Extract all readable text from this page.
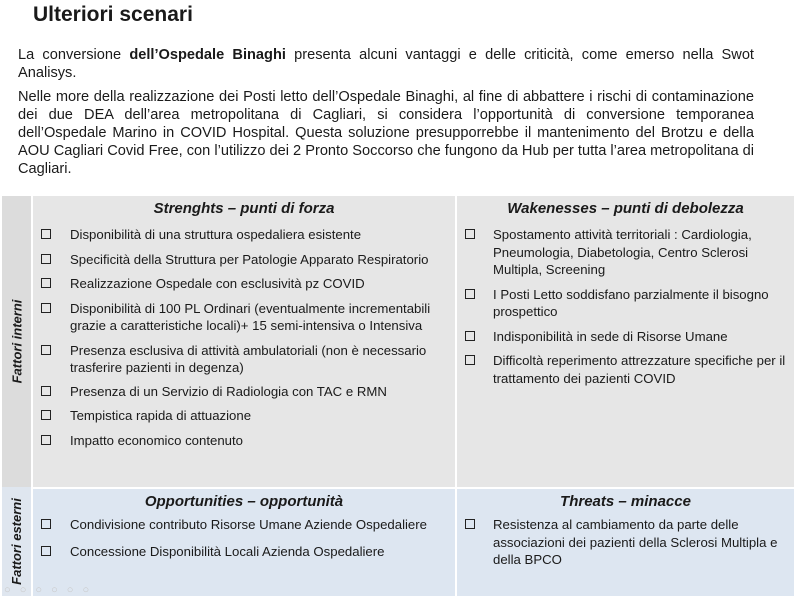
Ulteriori scenari

La conversione dell’Ospedale Binaghi presenta alcuni vantaggi e delle criticità, come emerso nella Swot Analisys.

Nelle more della realizzazione dei Posti letto dell’Ospedale Binaghi, al fine di abbattere i rischi di contaminazione dei due DEA dell’area metropolitana di Cagliari, si considera l’opportunità di conversione temporanea dell’Ospedale Marino in COVID Hospital. Questa soluzione presupporrebbe il mantenimento del Brotzu e della AOU Cagliari Covid Free, con l’utilizzo dei 2 Pronto Soccorso che fungono da Hub per tutta l’area metropolitana di Cagliari.

Fattori interni
Fattori esterni
Strenghts – punti di forza
Disponibilità di una struttura ospedaliera esistente
Specificità della Struttura per Patologie Apparato Respiratorio
Realizzazione Ospedale con esclusività pz COVID
Disponibilità di 100 PL Ordinari (eventualmente incrementabili grazie a caratteristiche locali)+ 15 semi-intensiva o Intensiva
Presenza esclusiva di attività ambulatoriali (non è necessario trasferire pazienti in degenza)
Presenza di un Servizio di Radiologia con TAC e RMN
Tempistica rapida di attuazione
Impatto economico contenuto
Wakenesses – punti di debolezza
Spostamento attività territoriali : Cardiologia, Pneumologia, Diabetologia, Centro Sclerosi Multipla, Screening
I Posti Letto soddisfano parzialmente il bisogno prospettico
Indisponibilità in sede di Risorse Umane
Difficoltà reperimento attrezzature specifiche per il trattamento dei pazienti COVID
Opportunities – opportunità
Condivisione contributo Risorse Umane Aziende Ospedaliere
Concessione Disponibilità Locali Azienda Ospedaliere
Threats – minacce
Resistenza al cambiamento da parte delle associazioni dei pazienti della Sclerosi Multipla e della BPCO
○ ○ ○ ○ ○ ○
